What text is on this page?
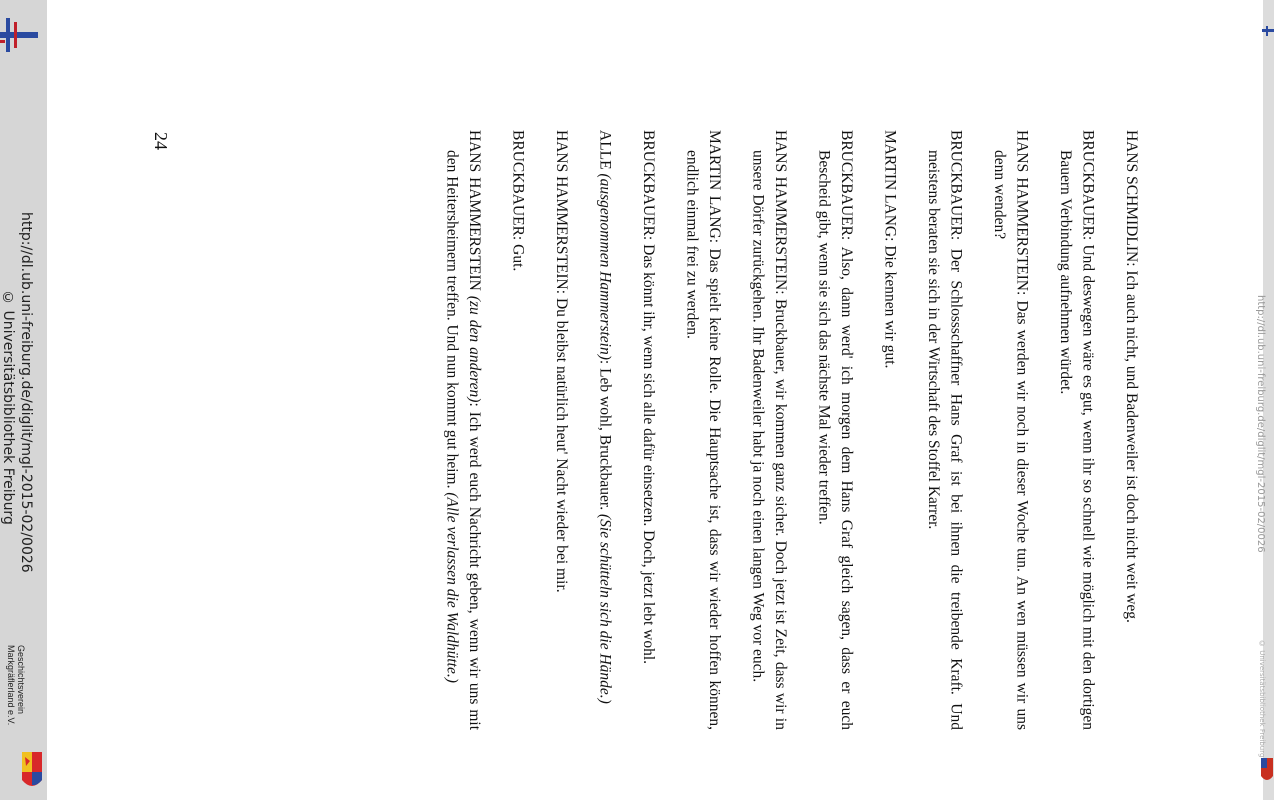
http://dl.ub.uni-freiburg.de/diglit/mgl-2015-02/0026
© Universitätsbibliothek Freiburg
Geschichtsverein
Markgräflerland e.V.
http://dl.ub.uni-freiburg.de/diglit/mgl-2015-02/0026
© Universitätsbibliothek Freiburg
24	HANS SCHMIDLIN: Ich auch nicht, und Badenweiler ist doch nicht weit weg.

BRUCKBAUER: Und deswegen wäre es gut, wenn ihr so schnell wie möglich mit den dortigen Bauern Verbindung aufnehmen würdet.

HANS HAMMERSTEIN: Das werden wir noch in dieser Woche tun. An wen müssen wir uns denn wenden?

BRUCKBAUER: Der Schlossschaffner Hans Graf ist bei ihnen die treibende Kraft. Und meistens beraten sie sich in der Wirtschaft des Stoffel Karrer.

MARTIN LANG: Die kennen wir gut.

BRUCKBAUER: Also, dann werd' ich morgen dem Hans Graf gleich sagen, dass er euch Bescheid gibt, wenn sie sich das nächste Mal wieder treffen.

HANS HAMMERSTEIN: Bruckbauer, wir kommen ganz sicher. Doch jetzt ist Zeit, dass wir in unsere Dörfer zurückgehen. Ihr Badenweiler habt ja noch einen langen Weg vor euch.

MARTIN LANG: Das spielt keine Rolle. Die Hauptsache ist, dass wir wieder hoffen können, endlich einmal frei zu werden.

BRUCKBAUER: Das könnt ihr, wenn sich alle dafür einsetzen. Doch, jetzt lebt wohl.

ALLE (ausgenommen Hammerstein): Leb wohl, Bruckbauer. (Sie schütteln sich die Hände.)

HANS HAMMERSTEIN: Du bleibst natürlich heut' Nacht wieder bei mir.

BRUCKBAUER: Gut.

HANS HAMMERSTEIN (zu den anderen): Ich werd euch Nachricht geben, wenn wir uns mit den Heitersheimern treffen. Und nun kommt gut heim. (Alle verlassen die Waldhütte.)
